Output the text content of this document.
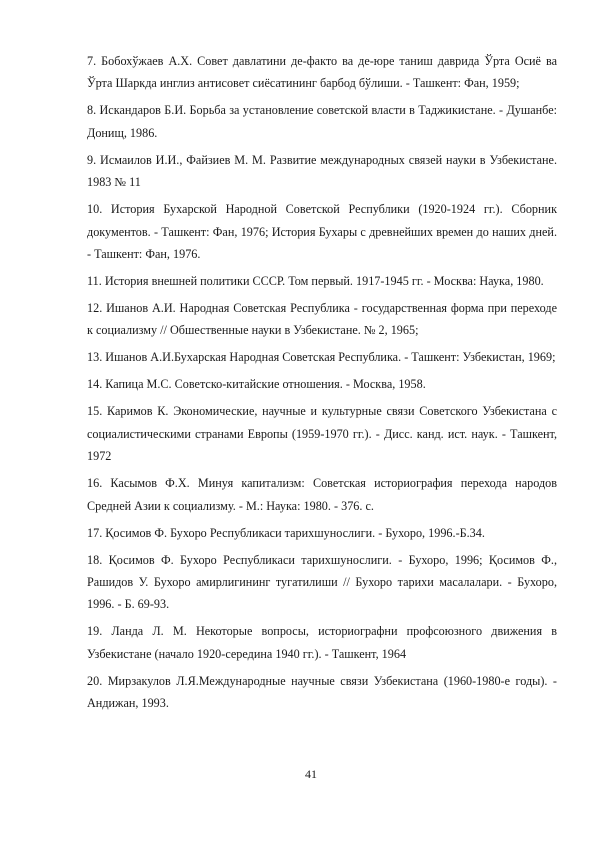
7. Бобохўжаев А.Х. Совет давлатини де-факто ва де-юре таниш даврида Ўрта Осиё ва Ўрта Шаркда инглиз антисовет сиёсатининг барбод бўлиши. - Ташкент: Фан, 1959;

8. Искандаров Б.И. Борьба за установление советской власти в Таджикистане. - Душанбе: Донищ, 1986.

9. Исмаилов И.И., Файзиев М. М. Развитие международных связей науки в Узбекистане. 1983 № 11

10. История Бухарской Народной Советской Республики (1920-1924 гг.). Сборник документов. - Ташкент: Фан, 1976; История Бухары с древнейших времен до наших дней. - Ташкент: Фан, 1976.

11. История внешней политики СССР. Том первый. 1917-1945 гг. - Москва: Наука, 1980.

12. Ишанов А.И. Народная Советская Республика - государственная форма при переходе к социализму // Обшественные науки в Узбекистане. № 2, 1965;

13. Ишанов А.И.Бухарская Народная Советская Республика. - Ташкент: Узбекистан, 1969;

14. Капица М.С. Советско-китайские отношения. - Москва, 1958.

15. Каримов К. Экономические, научные и культурные связи Советского Узбекистана с социалистическими странами Европы (1959-1970 гг.). - Дисс. канд. ист. наук. - Ташкент, 1972

16. Касымов Ф.Х. Минуя капитализм: Советская историография перехода народов Средней Азии к социализму. - М.: Наука: 1980. - 376. с.

17. Қосимов Ф. Бухоро Республикаси тарихшунослиги. - Бухоро, 1996.-Б.34.

18. Қосимов Ф. Бухоро Республикаси тарихшунослиги. - Бухоро, 1996; Қосимов Ф., Рашидов У. Бухоро амирлигининг тугатилиши // Бухоро тарихи масалалари. - Бухоро, 1996. - Б. 69-93.

19. Ланда Л. М. Некоторые вопросы, историографни профсоюзного движения в Узбекистане (начало 1920-середина 1940 гг.). - Ташкент, 1964

20. Мирзакулов Л.Я.Международные научные связи Узбекистана (1960-1980-е годы). - Андижан, 1993.

41
